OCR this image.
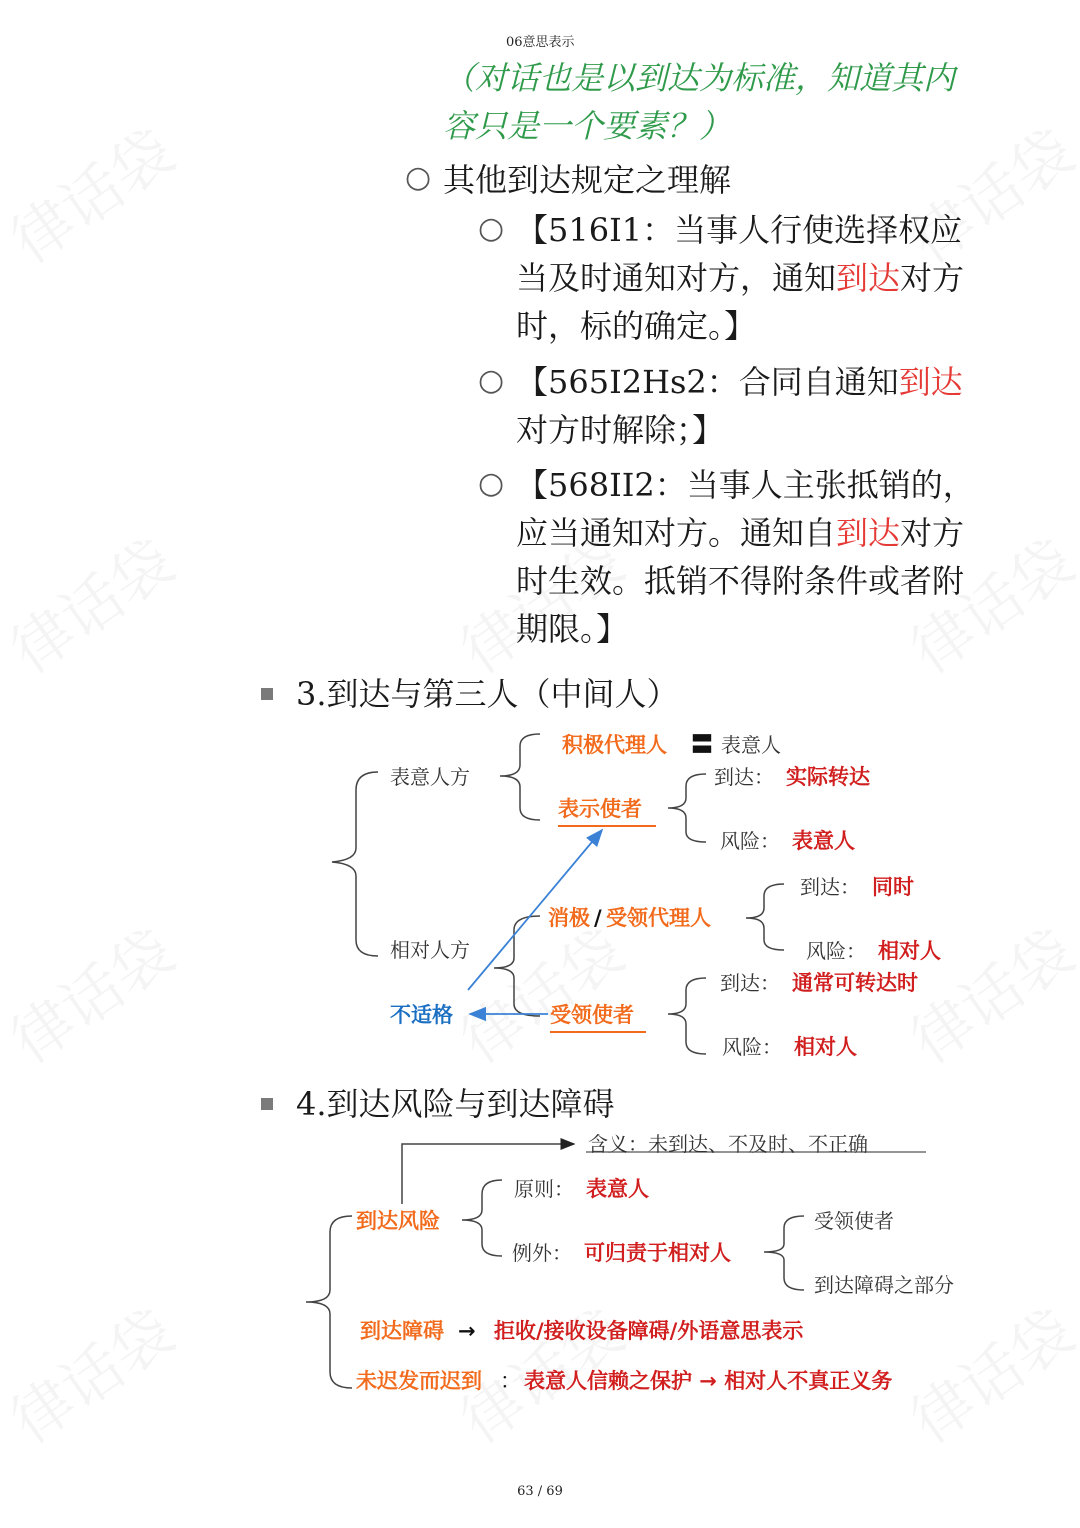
06意思表示
（对话也是以到达为标准，知道其内
容只是一个要素？）
○ 其他到达规定之理解
○ 【516I1：当事人行使选择权应
当及时通知对方，通知到达对方
时，标的确定。】
○ 【565I2Hs2：合同自通知到达
对方时解除；】
○ 【568II2：当事人主张抵销的，
应当通知对方。通知自到达对方
时生效。抵销不得附条件或者附
期限。】
3.到达与第三人（中间人）
表意人方
相对人方
积极代理人 〓 表意人
表示使者
到达： 实际转达
风险： 表意人
消极 / 受领代理人
到达： 同时
风险： 相对人
不适格	受领使者
到达： 通常可转达时
风险： 相对人
4.到达风险与到达障碍
含义：未到达、不及时、不正确
到达风险
原则： 表意人
例外： 可归责于相对人
受领使者
到达障碍之部分
到达障碍 → 拒收/接收设备障碍/外语意思表示
未迟发而迟到 ： 表意人信赖之保护 → 相对人不真正义务
63 / 69
